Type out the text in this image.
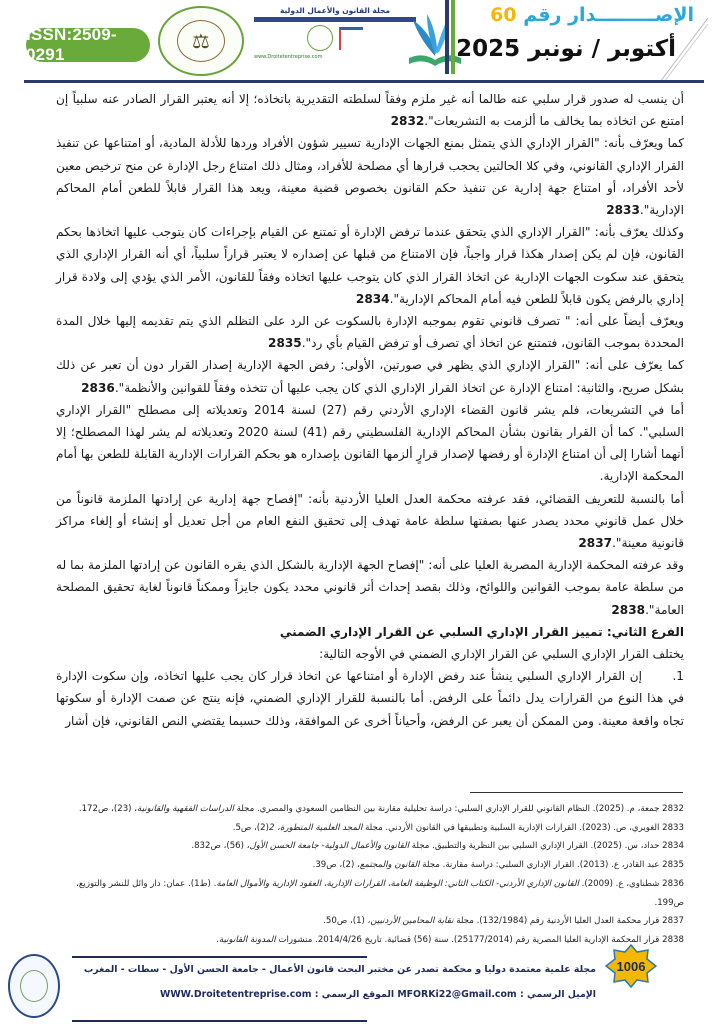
ISSN:2509-0291
⚖
مجلة القانون والأعمال الدولية
www.Droitetentreprise.com
الإصـــــــــدار رقم 60
أكتوبر / نونبر 2025

أن ينسب له صدور قرار سلبي عنه طالما أنه غير ملزم وفقاً لسلطته التقديرية باتخاذه؛ إلا أنه يعتبر القرار الصادر عنه سلبياً إن امتنع عن اتخاذه بما يخالف ما ألزمت به التشريعات".2832

كما ويعرّف بأنه: "القرار الإداري الذي يتمثل بمنع الجهات الإدارية تسيير شؤون الأفراد وردها للأدلة المادية، أو امتناعها عن تنفيذ القرار الإداري القانوني، وفي كلا الحالتين يحجب قرارها أي مصلحة للأفراد، ومثال ذلك امتناع رجل الإدارة عن منح ترخيص معين لأحد الأفراد، أو امتناع جهة إدارية عن تنفيذ حكم القانون بخصوص قضية معينة، ويعد هذا القرار قابلاً للطعن أمام المحاكم الإدارية".2833

وكذلك يعرّف بأنه: "القرار الإداري الذي يتحقق عندما ترفض الإدارة أو تمتنع عن القيام بإجراءات كان يتوجب عليها اتخاذها بحكم القانون، فإن لم يكن إصدار هكذا قرار واجباً، فإن الامتناع من قبلها عن إصداره لا يعتبر قراراً سلبياً، أي أنه القرار الإداري الذي يتحقق عند سكوت الجهات الإدارية عن اتخاذ القرار الذي كان يتوجب عليها اتخاذه وفقاً للقانون، الأمر الذي يؤدي إلى ولادة قرار إداري بالرفض يكون قابلاً للطعن فيه أمام المحاكم الإدارية".2834

ويعرّف أيضاً على أنه: " تصرف قانوني تقوم بموجبه الإدارة بالسكوت عن الرد على التظلم الذي يتم تقديمه إليها خلال المدة المحددة بموجب القانون، فتمتنع عن اتخاذ أي تصرف أو ترفض القيام بأي رد".2835

كما يعرّف على أنه: "القرار الإداري الذي يظهر في صورتين، الأولى: رفض الجهة الإدارية إصدار القرار دون أن تعبر عن ذلك بشكل صريح، والثانية: امتناع الإدارة عن اتخاذ القرار الإداري الذي كان يجب عليها أن تتخذه وفقاً للقوانين والأنظمة".2836

أما في التشريعات، فلم يشر قانون القضاء الإداري الأردني رقم (27) لسنة 2014 وتعديلاته إلى مصطلح "القرار الإداري السلبي". كما أن القرار بقانون بشأن المحاكم الإدارية الفلسطيني رقم (41) لسنة 2020 وتعديلاته لم يشر لهذا المصطلح؛ إلا أنهما أشارا إلى أن امتناع الإدارة أو رفضها لإصدار قرارٍ ألزمها القانون بإصداره هو بحكم القرارات الإدارية القابلة للطعن بها أمام المحكمة الإدارية.

أما بالنسبة للتعريف القضائي، فقد عرفته محكمة العدل العليا الأردنية بأنه: "إفصاح جهة إدارية عن إرادتها الملزمة قانوناً من خلال عمل قانوني محدد يصدر عنها بصفتها سلطة عامة تهدف إلى تحقيق النفع العام من أجل تعديل أو إنشاء أو إلغاء مراكز قانونية معينة".2837

وقد عرفته المحكمة الإدارية المصرية العليا على أنه: "إفصاح الجهة الإدارية بالشكل الذي يقره القانون عن إرادتها الملزمة بما له من سلطة عامة بموجب القوانين واللوائح، وذلك بقصد إحداث أثر قانوني محدد يكون جايزاً وممكناً قانوناً لغاية تحقيق المصلحة العامة".2838

الفرع الثاني: تمييز القرار الإداري السلبي عن القرار الإداري الضمني

يختلف القرار الإداري السلبي عن القرار الإداري الضمني في الأوجه التالية:

1.إن القرار الإداري السلبي ينشأ عند رفض الإدارة أو امتناعها عن اتخاذ قرار كان يجب عليها اتخاذه، وإن سكوت الإدارة في هذا النوع من القرارات يدل دائماً على الرفض. أما بالنسبة للقرار الإداري الضمني، فإنه ينتج عن صمت الإدارة أو سكوتها تجاه واقعة معينة. ومن الممكن أن يعبر عن الرفض، وأحياناً أخرى عن الموافقة، وذلك حسبما يقتضي النص القانوني، فإن أشار

2832 جمعة، م. (2025). النظام القانوني للقرار الإداري السلبي: دراسة تحليلية مقارنة بين النظامين السعودي والمصري. مجلة الدراسات الفقهية والقانونية، (23)، ص172.

2833 الغويري، ص. (2023). القرارات الإدارية السلبية وتطبيقها في القانون الأردني. مجلة المجد العلمية المتطورة، 2(2)، ص5.

2834 حداد، س. (2025). القرار الإداري السلبي بين النظرية والتطبيق. مجلة القانون والأعمال الدولية- جامعة الحسن الأول، (56)، ص832.

2835 عبد القادر، ع. (2013). القرار الإداري السلبي: دراسة مقارنة. مجلة القانون والمجتمع، (2)، ص39.

2836 شطناوي، ع. (2009). القانون الإداري الأردني- الكتاب الثاني: الوظيفة العامة، القرارات الإدارية، العقود الإدارية والأموال العامة. (ط1). عمان: دار وائل للنشر والتوزيع، ص199.

2837 قرار محكمة العدل العليا الأردنية رقم (132/1984). مجلة نقابة المحامين الأردنيين، (1)، ص50.

2838 قرار المحكمة الإدارية العليا المصرية رقم (25177/2014). سنة (56) قضائية. تاريخ 2014/4/26. منشورات المدونة القانونية.

مجلة علمية معتمدة دوليا و محكمة تصدر عن مختبر البحث قانون الأعمال - جامعة الحسن الأول - سطات - المغرب
الإميل الرسمي : MFORKi22@Gmail.com الموقع الرسمي : WWW.Droitetentreprise.com
1006
